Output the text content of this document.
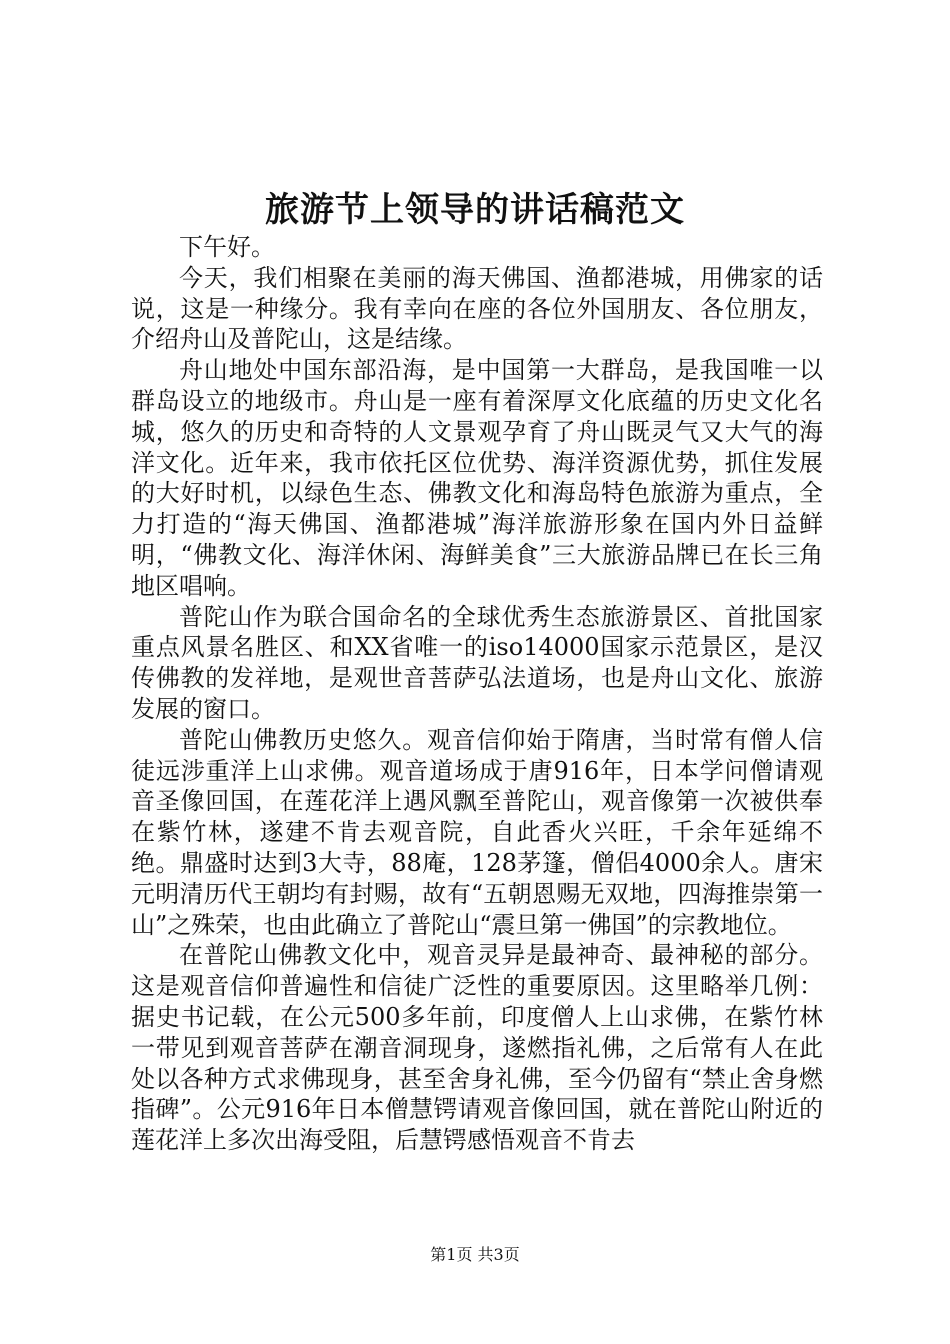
旅游节上领导的讲话稿范文

下午好。

今天，我们相聚在美丽的海天佛国、渔都港城，用佛家的话说，这是一种缘分。我有幸向在座的各位外国朋友、各位朋友，介绍舟山及普陀山，这是结缘。

舟山地处中国东部沿海，是中国第一大群岛，是我国唯一以群岛设立的地级市。舟山是一座有着深厚文化底蕴的历史文化名城，悠久的历史和奇特的人文景观孕育了舟山既灵气又大气的海洋文化。近年来，我市依托区位优势、海洋资源优势，抓住发展的大好时机，以绿色生态、佛教文化和海岛特色旅游为重点，全力打造的“海天佛国、渔都港城”海洋旅游形象在国内外日益鲜明，“佛教文化、海洋休闲、海鲜美食”三大旅游品牌已在长三角地区唱响。

普陀山作为联合国命名的全球优秀生态旅游景区、首批国家重点风景名胜区、和XX省唯一的iso14000国家示范景区，是汉传佛教的发祥地，是观世音菩萨弘法道场，也是舟山文化、旅游发展的窗口。

普陀山佛教历史悠久。观音信仰始于隋唐，当时常有僧人信徒远涉重洋上山求佛。观音道场成于唐916年，日本学问僧请观音圣像回国，在莲花洋上遇风飘至普陀山，观音像第一次被供奉在紫竹林，遂建不肯去观音院，自此香火兴旺，千余年延绵不绝。鼎盛时达到3大寺，88庵，128茅篷，僧侣4000余人。唐宋元明清历代王朝均有封赐，故有“五朝恩赐无双地，四海推崇第一山”之殊荣，也由此确立了普陀山“震旦第一佛国”的宗教地位。

在普陀山佛教文化中，观音灵异是最神奇、最神秘的部分。这是观音信仰普遍性和信徒广泛性的重要原因。这里略举几例：据史书记载，在公元500多年前，印度僧人上山求佛，在紫竹林一带见到观音菩萨在潮音洞现身，遂燃指礼佛，之后常有人在此处以各种方式求佛现身，甚至舍身礼佛，至今仍留有“禁止舍身燃指碑”。公元916年日本僧慧锷请观音像回国，就在普陀山附近的莲花洋上多次出海受阻，后慧锷感悟观音不肯去

第1页 共3页
